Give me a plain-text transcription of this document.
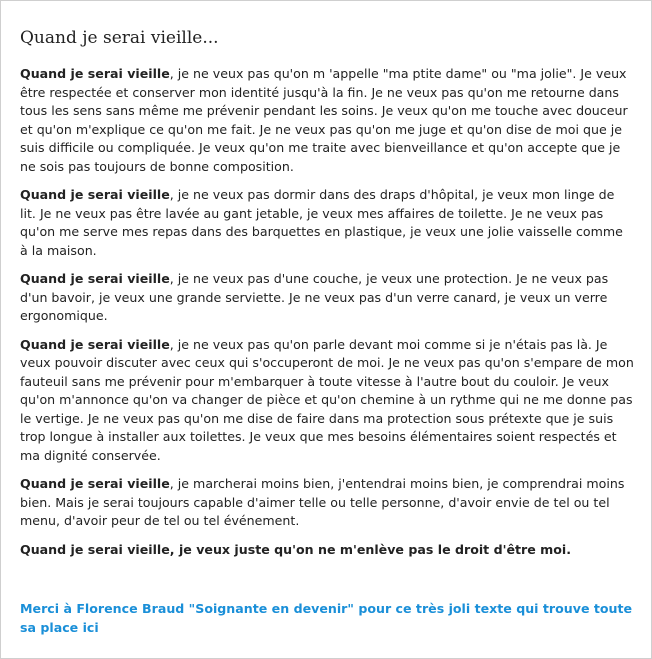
Quand je serai vieille...

Quand je serai vieille, je ne veux pas qu'on m 'appelle "ma ptite dame" ou "ma jolie". Je veux être respectée et conserver mon identité jusqu'à la fin. Je ne veux pas qu'on me retourne dans tous les sens sans même me prévenir pendant les soins. Je veux qu'on me touche avec douceur et qu'on m'explique ce qu'on me fait. Je ne veux pas qu'on me juge et qu'on dise de moi que je suis difficile ou compliquée. Je veux qu'on me traite avec bienveillance et qu'on accepte que je ne sois pas toujours de bonne composition.

Quand je serai vieille, je ne veux pas dormir dans des draps d'hôpital, je veux mon linge de lit. Je ne veux pas être lavée au gant jetable, je veux mes affaires de toilette. Je ne veux pas qu'on me serve mes repas dans des barquettes en plastique, je veux une jolie vaisselle comme à la maison.

Quand je serai vieille, je ne veux pas d'une couche, je veux une protection. Je ne veux pas d'un bavoir, je veux une grande serviette. Je ne veux pas d'un verre canard, je veux un verre ergonomique.

Quand je serai vieille, je ne veux pas qu'on parle devant moi comme si je n'étais pas là. Je veux pouvoir discuter avec ceux qui s'occuperont de moi. Je ne veux pas qu'on s'empare de mon fauteuil sans me prévenir pour m'embarquer à toute vitesse à l'autre bout du couloir. Je veux qu'on m'annonce qu'on va changer de pièce et qu'on chemine à un rythme qui ne me donne pas le vertige. Je ne veux pas qu'on me dise de faire dans ma protection sous prétexte que je suis trop longue à installer aux toilettes. Je veux que mes besoins élémentaires soient respectés et ma dignité conservée.

Quand je serai vieille, je marcherai moins bien, j'entendrai moins bien, je comprendrai moins bien. Mais je serai toujours capable d'aimer telle ou telle personne, d'avoir envie de tel ou tel menu, d'avoir peur de tel ou tel événement.

Quand je serai vieille, je veux juste qu'on ne m'enlève pas le droit d'être moi.

Merci à Florence Braud "Soignante en devenir" pour ce très joli texte qui trouve toute sa place ici
